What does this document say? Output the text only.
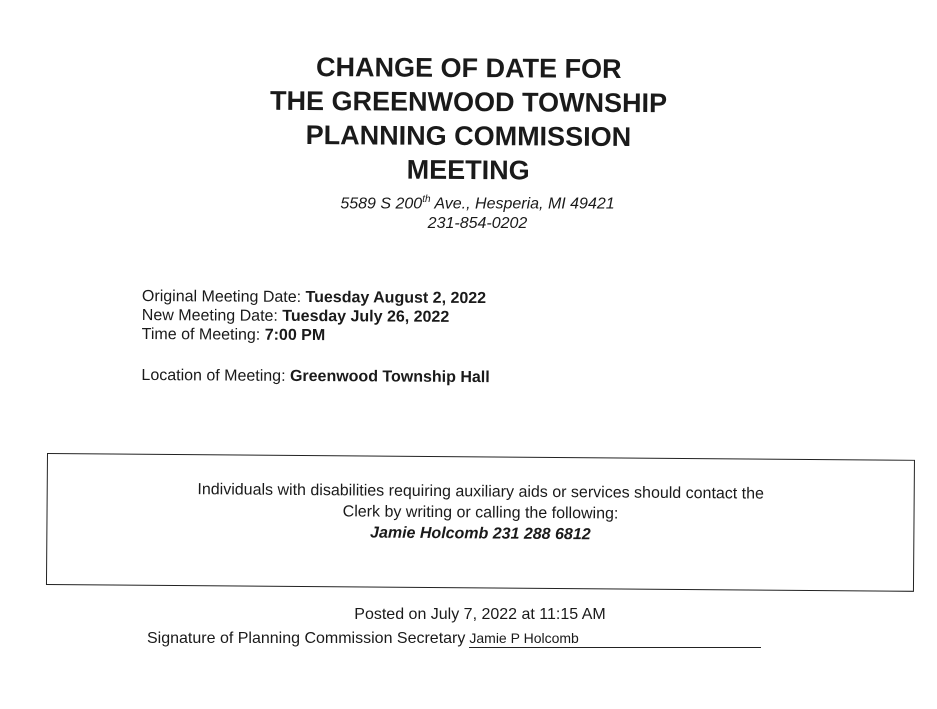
CHANGE OF DATE FOR
THE GREENWOOD TOWNSHIP
PLANNING COMMISSION
MEETING
5589 S 200th Ave., Hesperia, MI 49421
231-854-0202
Original Meeting Date: Tuesday August 2, 2022
New Meeting Date: Tuesday July 26, 2022
Time of Meeting: 7:00 PM
Location of Meeting: Greenwood Township Hall
Individuals with disabilities requiring auxiliary aids or services should contact the
Clerk by writing or calling the following:
Jamie Holcomb 231 288 6812
Posted on July 7, 2022 at 11:15 AM
Signature of Planning Commission Secretary Jamie P Holcomb
